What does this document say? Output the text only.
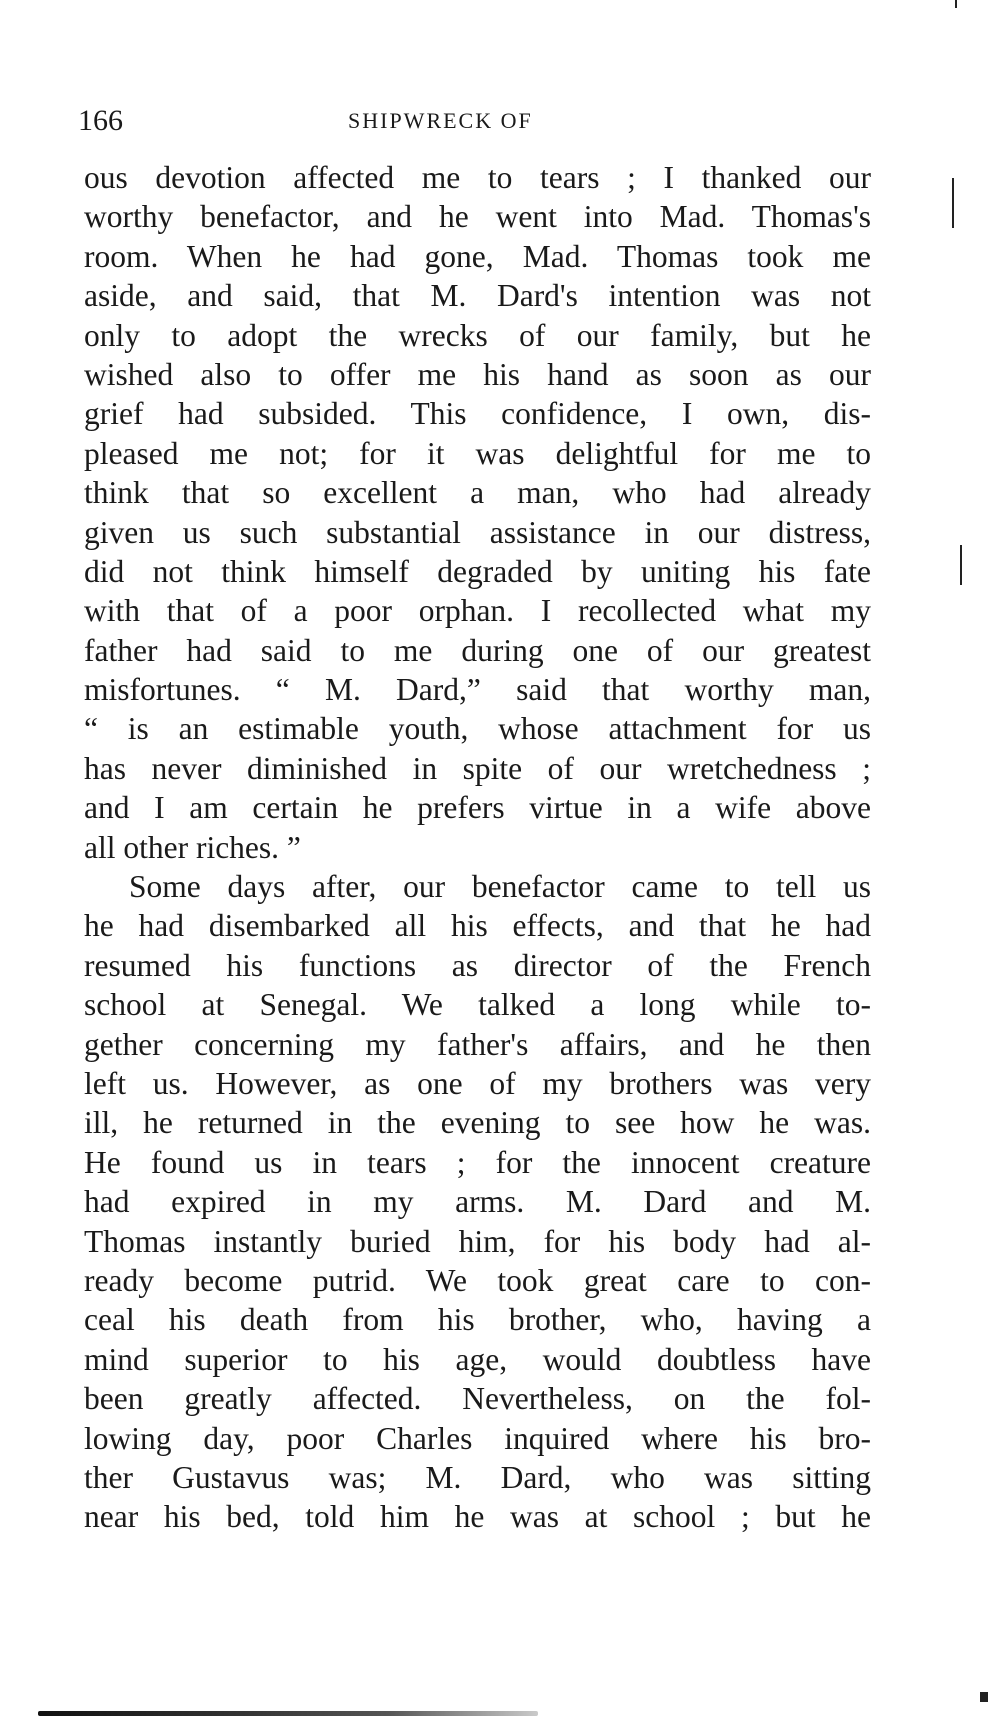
166	SHIPWRECK OF
ous devotion affected me to tears ; I thanked our
worthy benefactor, and he went into Mad. Thomas's
room. When he had gone, Mad. Thomas took me
aside, and said, that M. Dard's intention was not
only to adopt the wrecks of our family, but he
wished also to offer me his hand as soon as our
grief had subsided. This confidence, I own, dis-
pleased me not; for it was delightful for me to
think that so excellent a man, who had already
given us such substantial assistance in our distress,
did not think himself degraded by uniting his fate
with that of a poor orphan. I recollected what my
father had said to me during one of our greatest
misfortunes. “ M. Dard,” said that worthy man,
“ is an estimable youth, whose attachment for us
has never diminished in spite of our wretchedness ;
and I am certain he prefers virtue in a wife above
all other riches. ”
Some days after, our benefactor came to tell us
he had disembarked all his effects, and that he had
resumed his functions as director of the French
school at Senegal. We talked a long while to-
gether concerning my father's affairs, and he then
left us. However, as one of my brothers was very
ill, he returned in the evening to see how he was.
He found us in tears ; for the innocent creature
had expired in my arms. M. Dard and M.
Thomas instantly buried him, for his body had al-
ready become putrid. We took great care to con-
ceal his death from his brother, who, having a
mind superior to his age, would doubtless have
been greatly affected. Nevertheless, on the fol-
lowing day, poor Charles inquired where his bro-
ther Gustavus was; M. Dard, who was sitting
near his bed, told him he was at school ; but he
